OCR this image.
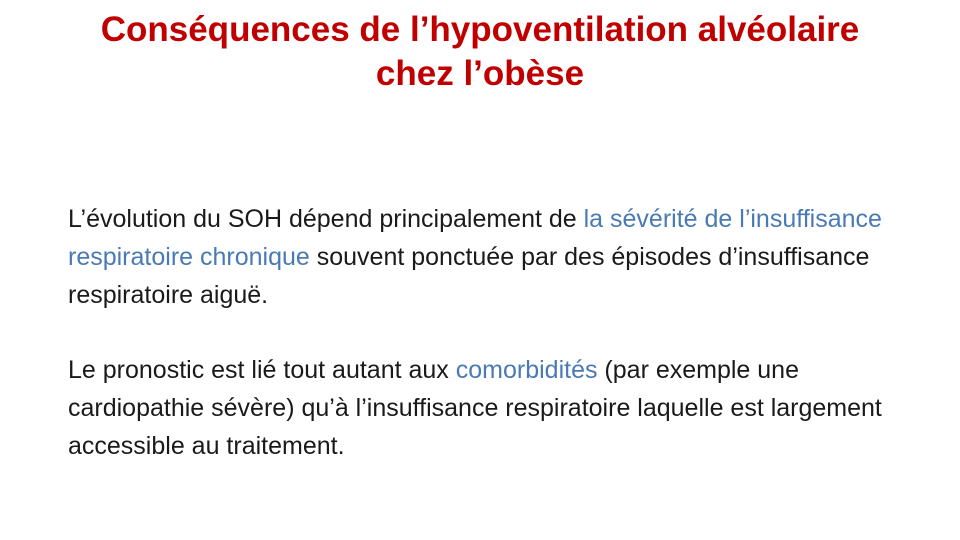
Conséquences de l’hypoventilation alvéolaire
chez l’obèse

L’évolution du SOH dépend principalement de la sévérité de l’insuffisance respiratoire chronique souvent ponctuée par des épisodes d’insuffisance respiratoire aiguë.

Le pronostic est lié tout autant aux comorbidités (par exemple une cardiopathie sévère) qu’à l’insuffisance respiratoire laquelle est largement accessible au traitement.
